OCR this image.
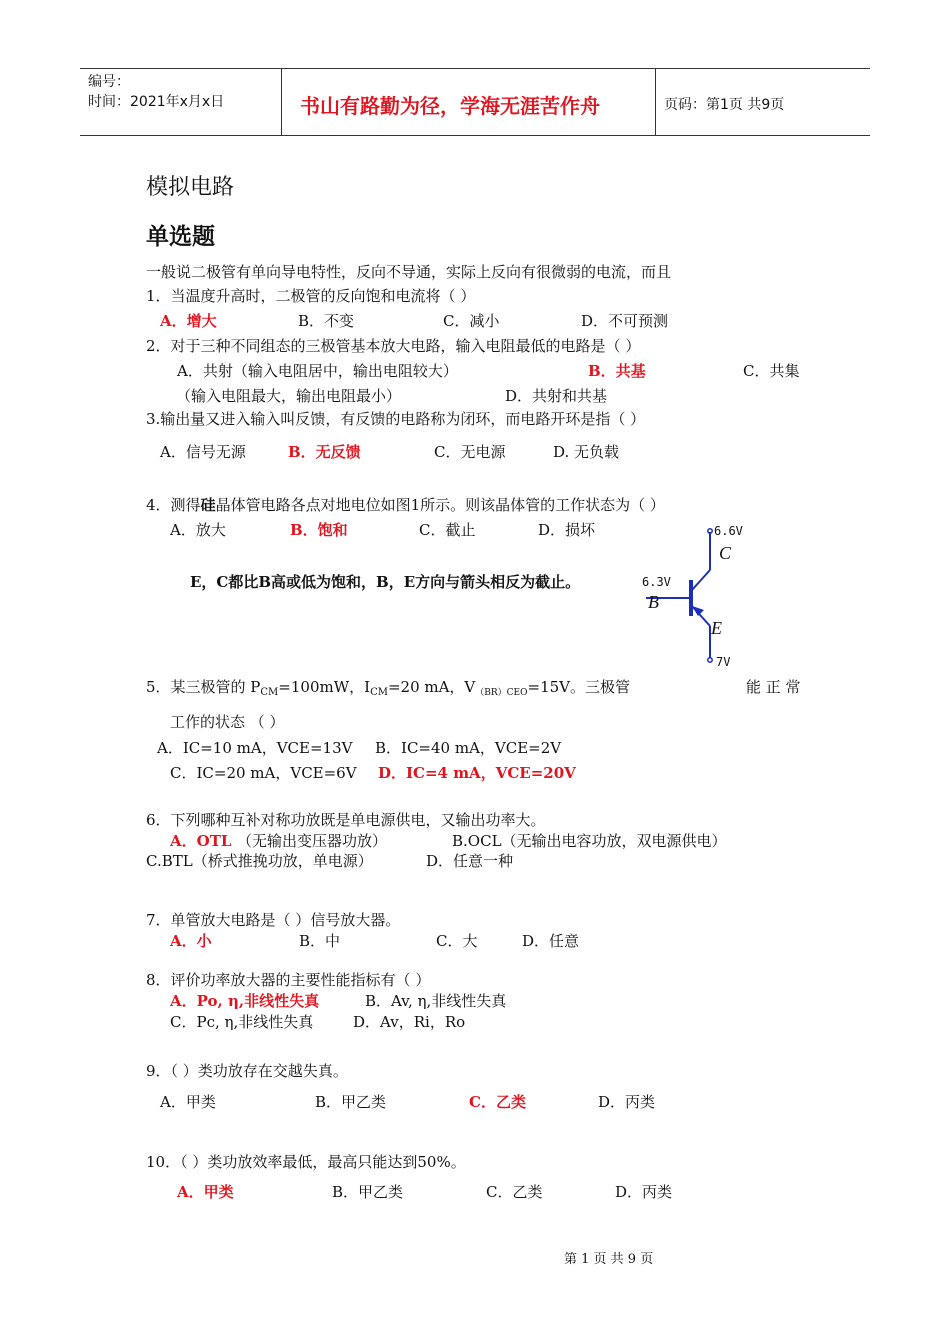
编号：
时间：2021年x月x日	书山有路勤为径，学海无涯苦作舟	页码：第1页 共9页
模拟电路
单选题
一般说二极管有单向导电特性，反向不导通，实际上反向有很微弱的电流，而且
1．当温度升高时，二极管的反向饱和电流将（ ）
A．增大	B．不变	C．减小	D．不可预测
2．对于三种不同组态的三极管基本放大电路，输入电阻最低的电路是（ ）
A．共射（输入电阻居中，输出电阻较大）	B．共基	C．共集
（输入电阻最大，输出电阻最小）	D．共射和共基
3.输出量又进入输入叫反馈，有反馈的电路称为闭环，而电路开环是指（ ）
A．信号无源	B．无反馈	C．无电源	D. 无负载
4．测得硅晶体管电路各点对地电位如图1所示。则该晶体管的工作状态为（ ）
A．放大	B．饱和	C．截止	D．损坏
E，C都比B高或低为饱和，B，E方向与箭头相反为截止。
6.6V
C
6.3V
B
E
7V
5．某三极管的 $P_{CM}=100mW$，$I_{CM}=20$ mA，$V_{(BR)CEO}=15V$。三极管	能 正 常
工作的状态 （ ）
A．IC=10 mA，VCE=13V B．IC=40 mA，VCE=2V
C．IC=20 mA，VCE=6V D．IC=4 mA，VCE=20V
6．下列哪种互补对称功放既是单电源供电，又输出功率大。
A．OTL （无输出变压器功放）	B.OCL（无输出电容功放，双电源供电）
C.BTL（桥式推挽功放，单电源）	D．任意一种
7．单管放大电路是（ ）信号放大器。
A．小	B．中	C．大	D．任意
8．评价功率放大器的主要性能指标有（ ）
A．Po, η,非线性失真	B．Av, η,非线性失真
C．Pc, η,非线性失真	D．Av，Ri，Ro
9．（ ）类功放存在交越失真。
A．甲类	B．甲乙类	C．乙类	D．丙类
10．（ ）类功放效率最低，最高只能达到50%。
A．甲类	B．甲乙类	C．乙类	D．丙类
第 1 页 共 9 页
